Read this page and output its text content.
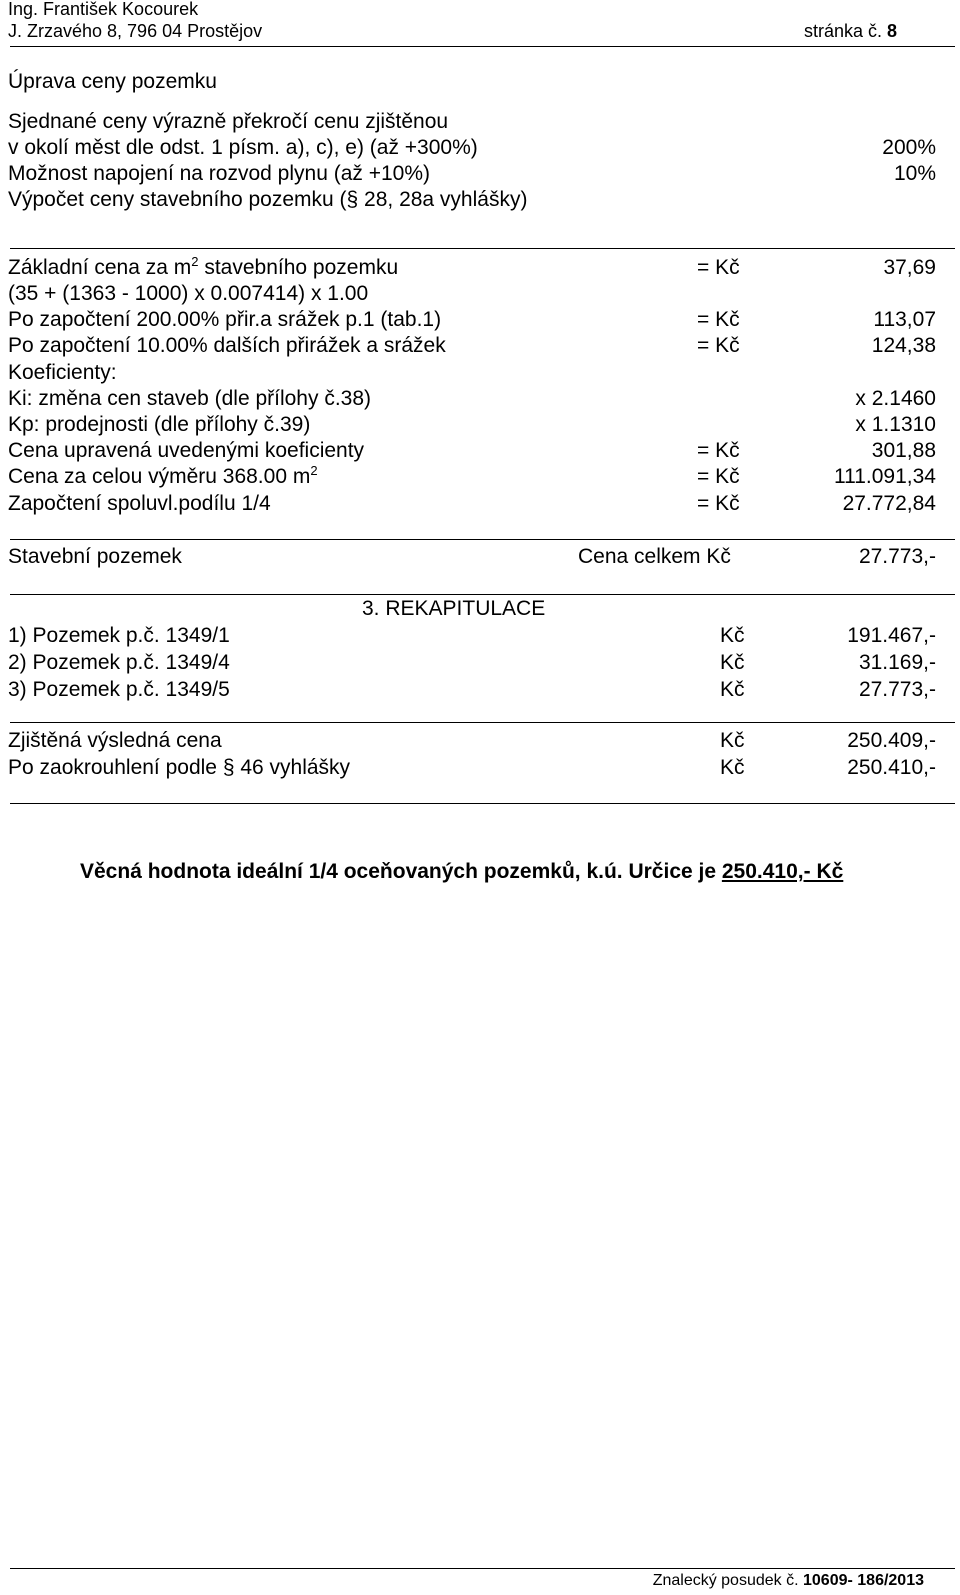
Ing. František Kocourek
J. Zrzavého 8, 796 04 Prostějov	stránka č. 8
Úprava ceny pozemku
Sjednané ceny výrazně překročí cenu zjištěnou
v okolí měst dle odst. 1 písm. a), c), e) (až +300%)	200%
Možnost napojení na rozvod plynu (až +10%)	10%
Výpočet ceny stavebního pozemku (§ 28, 28a vyhlášky)
Základní cena za $m^2$ stavebního pozemku	= Kč	37,69
(35 + (1363 - 1000) x 0.007414) x 1.00
Po započtení 200.00% přir.a srážek p.1 (tab.1)	= Kč	113,07
Po započtení 10.00% dalších přirážek a srážek	= Kč	124,38
Koeficienty:
Ki: změna cen staveb (dle přílohy č.38)	x 2.1460
Kp: prodejnosti (dle přílohy č.39)	x 1.1310
Cena upravená uvedenými koeficienty	= Kč	301,88
Cena za celou výměru 368.00 $m^2$	= Kč	111.091,34
Započtení spoluvl.podílu 1/4	= Kč	27.772,84
Stavební pozemek	Cena celkem Kč	27.773,-
3. REKAPITULACE
1) Pozemek p.č. 1349/1	Kč	191.467,-
2) Pozemek p.č. 1349/4	Kč	31.169,-
3) Pozemek p.č. 1349/5	Kč	27.773,-
Zjištěná výsledná cena	Kč	250.409,-
Po zaokrouhlení podle § 46 vyhlášky	Kč	250.410,-
Věcná hodnota ideální 1/4 oceňovaných pozemků, k.ú. Určice je 250.410,- Kč
Znalecký posudek č. 10609- 186/2013
